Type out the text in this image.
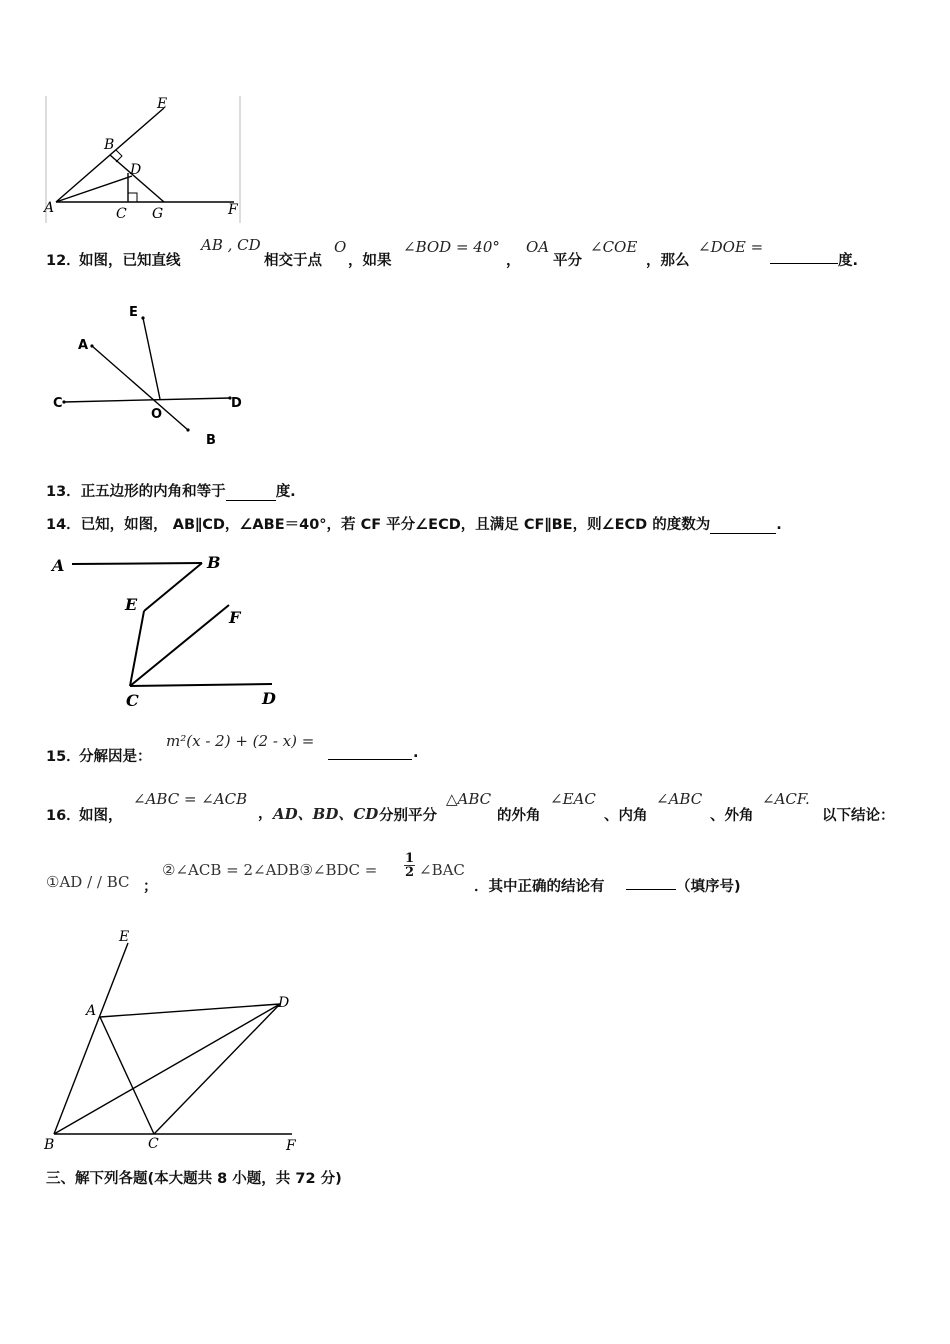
E
B
D
A	C G	F
12．
如图，已知直线
AB , CD
相交于点
O
，如果
∠BOD = 40°
，
OA
平分
∠COE
，那么
∠DOE =
度.
E
A
C
O
D
B
13．正五边形的内角和等于	度.
14．已知，如图， AB∥CD，∠ABE＝40°，若 CF 平分∠ECD，且满足 CF∥BE，则∠ECD 的度数为	.
A	B
E
F
C	D
15．
分解因是：
m²(x - 2) + (2 - x) =
.
16．
如图，
∠ABC = ∠ACB
， AD、BD、CD 分别平分
△ABC
的外角
∠EAC
、内角
∠ABC
、外角
∠ACF.
以下结论：
①AD / / BC ；
②∠ACB = 2∠ADB③∠BDC = $\frac{1}{2}$ ∠BAC
．其中正确的结论有	（填序号)
E
A	D
B	C	F
三、解下列各题(本大题共 8 小题，共 72 分)
